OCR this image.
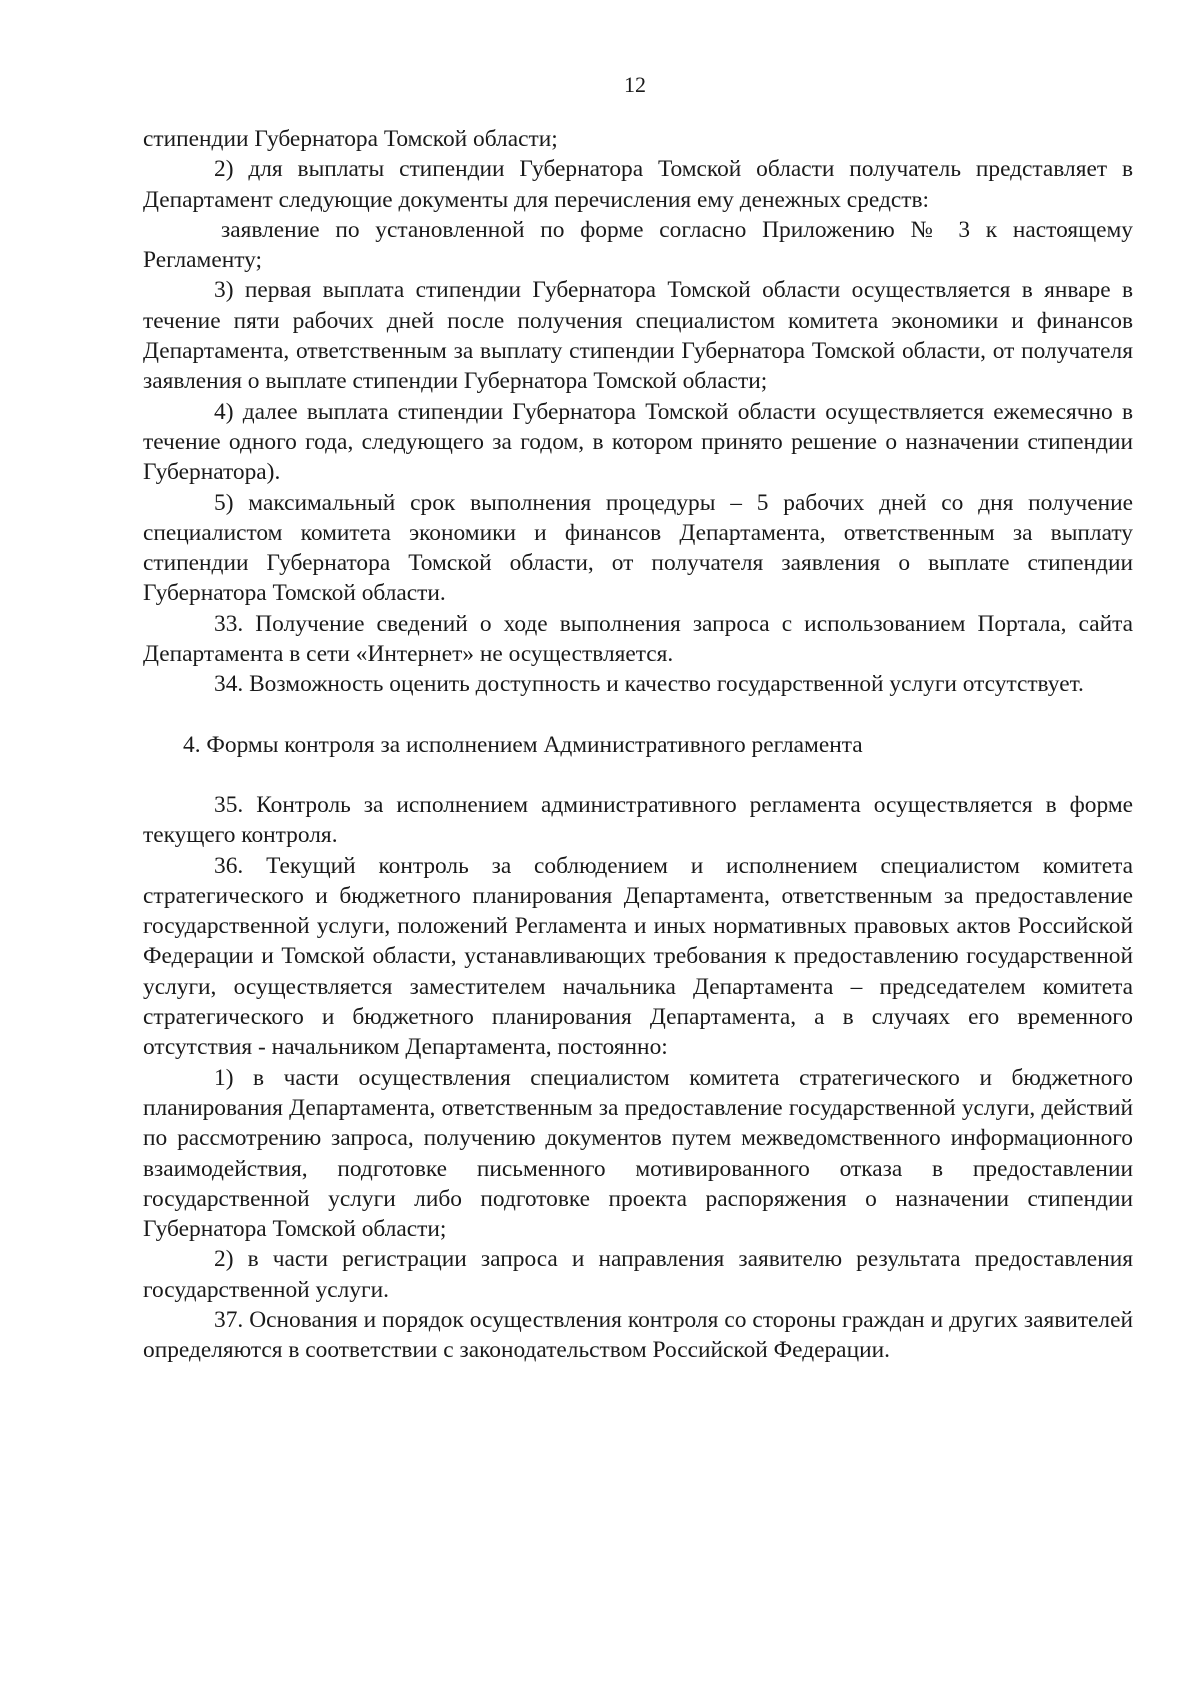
12

стипендии Губернатора Томской области;

2) для выплаты стипендии Губернатора Томской области получатель представляет в Департамент следующие документы для перечисления ему денежных средств:

заявление по установленной по форме согласно Приложению № 3 к настоящему Регламенту;

3) первая выплата стипендии Губернатора Томской области осуществляется в январе в течение пяти рабочих дней после получения специалистом комитета экономики и финансов Департамента, ответственным за выплату стипендии Губернатора Томской области, от получателя заявления о выплате стипендии Губернатора Томской области;

4) далее выплата стипендии Губернатора Томской области осуществляется ежемесячно в течение одного года, следующего за годом, в котором принято решение о назначении стипендии Губернатора).

5) максимальный срок выполнения процедуры – 5 рабочих дней со дня получение специалистом комитета экономики и финансов Департамента, ответственным за выплату стипендии Губернатора Томской области, от получателя заявления о выплате стипендии Губернатора Томской области.

33. Получение сведений о ходе выполнения запроса с использованием Портала, сайта Департамента в сети «Интернет» не осуществляется.

34. Возможность оценить доступность и качество государственной услуги отсутствует.

4. Формы контроля за исполнением Административного регламента

35. Контроль за исполнением административного регламента осуществляется в форме текущего контроля.

36. Текущий контроль за соблюдением и исполнением специалистом комитета стратегического и бюджетного планирования Департамента, ответственным за предоставление государственной услуги, положений Регламента и иных нормативных правовых актов Российской Федерации и Томской области, устанавливающих требования к предоставлению государственной услуги, осуществляется заместителем начальника Департамента – председателем комитета стратегического и бюджетного планирования Департамента, а в случаях его временного отсутствия - начальником Департамента, постоянно:

1) в части осуществления специалистом комитета стратегического и бюджетного планирования Департамента, ответственным за предоставление государственной услуги, действий по рассмотрению запроса, получению документов путем межведомственного информационного взаимодействия, подготовке письменного мотивированного отказа в предоставлении государственной услуги либо подготовке проекта распоряжения о назначении стипендии Губернатора Томской области;

2) в части регистрации запроса и направления заявителю результата предоставления государственной услуги.

37. Основания и порядок осуществления контроля со стороны граждан и других заявителей определяются в соответствии с законодательством Российской Федерации.
